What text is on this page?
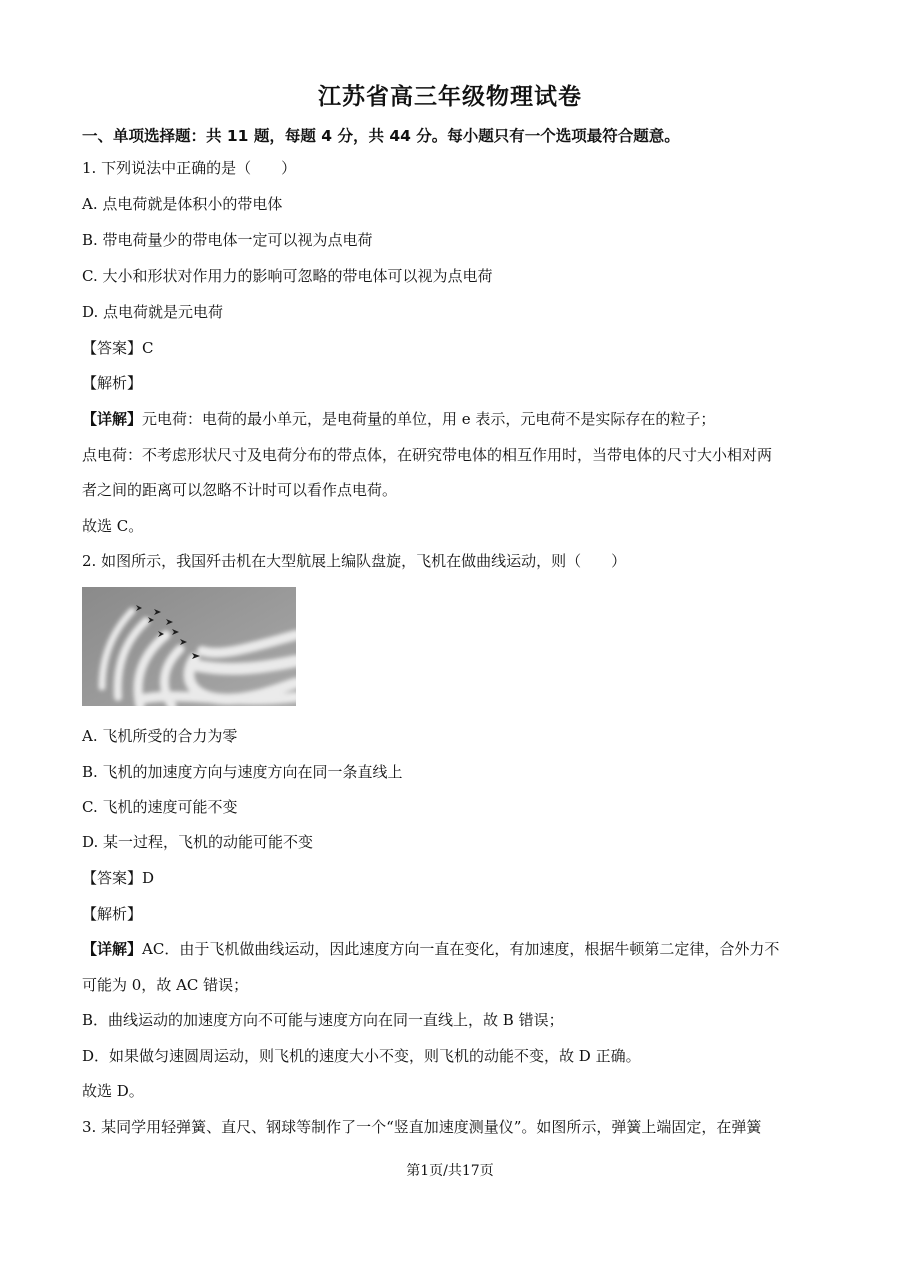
江苏省高三年级物理试卷
一、单项选择题：共 11 题，每题 4 分，共 44 分。每小题只有一个选项最符合题意。
1. 下列说法中正确的是（　　）
A. 点电荷就是体积小的带电体
B. 带电荷量少的带电体一定可以视为点电荷
C. 大小和形状对作用力的影响可忽略的带电体可以视为点电荷
D. 点电荷就是元电荷
【答案】C
【解析】
【详解】元电荷：电荷的最小单元，是电荷量的单位，用 e 表示，元电荷不是实际存在的粒子；
点电荷：不考虑形状尺寸及电荷分布的带点体，在研究带电体的相互作用时，当带电体的尺寸大小相对两
者之间的距离可以忽略不计时可以看作点电荷。
故选 C。
2. 如图所示，我国歼击机在大型航展上编队盘旋，飞机在做曲线运动，则（　　）
A. 飞机所受的合力为零
B. 飞机的加速度方向与速度方向在同一条直线上
C. 飞机的速度可能不变
D. 某一过程，飞机的动能可能不变
【答案】D
【解析】
【详解】AC．由于飞机做曲线运动，因此速度方向一直在变化，有加速度，根据牛顿第二定律，合外力不
可能为 0，故 AC 错误；
B．曲线运动的加速度方向不可能与速度方向在同一直线上，故 B 错误；
D．如果做匀速圆周运动，则飞机的速度大小不变，则飞机的动能不变，故 D 正确。
故选 D。
3. 某同学用轻弹簧、直尺、钢球等制作了一个“竖直加速度测量仪”。如图所示，弹簧上端固定，在弹簧
第1页/共17页
